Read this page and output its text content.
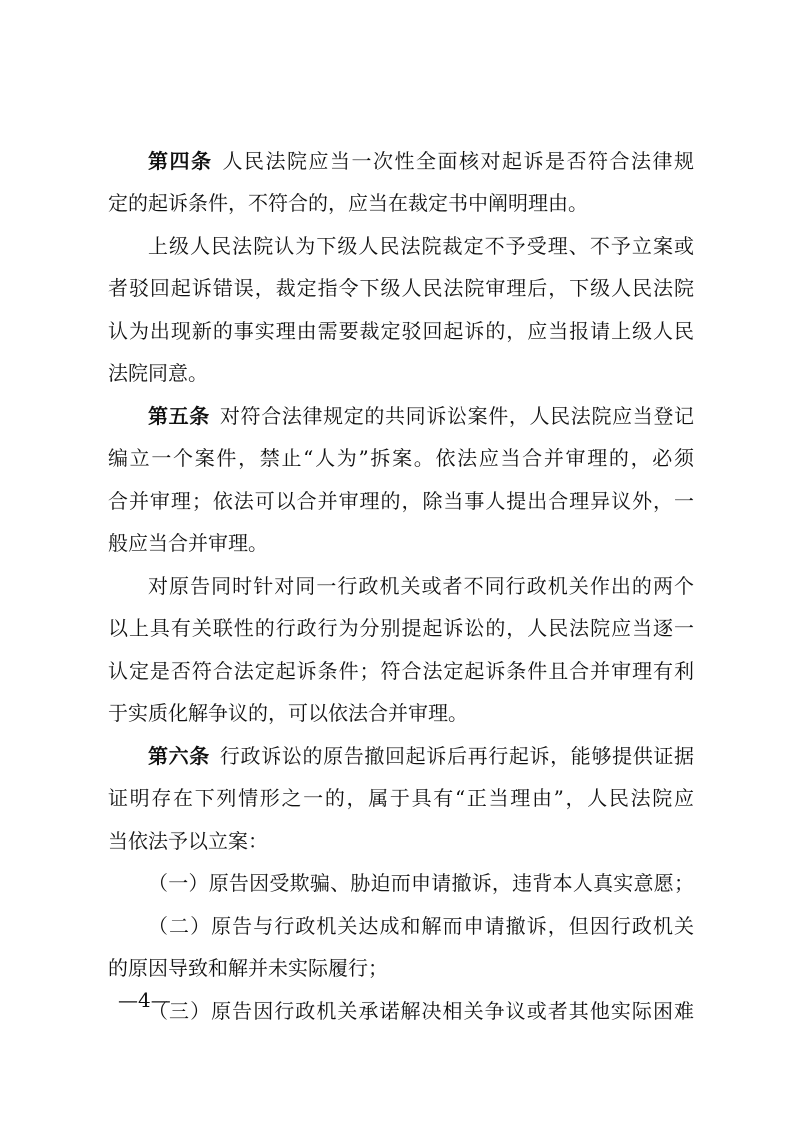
第四条 人民法院应当一次性全面核对起诉是否符合法律规
定的起诉条件，不符合的，应当在裁定书中阐明理由。
上级人民法院认为下级人民法院裁定不予受理、不予立案或
者驳回起诉错误，裁定指令下级人民法院审理后，下级人民法院
认为出现新的事实理由需要裁定驳回起诉的，应当报请上级人民
法院同意。
第五条 对符合法律规定的共同诉讼案件，人民法院应当登记
编立一个案件，禁止“人为”拆案。依法应当合并审理的，必须
合并审理；依法可以合并审理的，除当事人提出合理异议外，一
般应当合并审理。
对原告同时针对同一行政机关或者不同行政机关作出的两个
以上具有关联性的行政行为分别提起诉讼的，人民法院应当逐一
认定是否符合法定起诉条件；符合法定起诉条件且合并审理有利
于实质化解争议的，可以依法合并审理。
第六条 行政诉讼的原告撤回起诉后再行起诉，能够提供证据
证明存在下列情形之一的，属于具有“正当理由”，人民法院应
当依法予以立案：
（一）原告因受欺骗、胁迫而申请撤诉，违背本人真实意愿；
（二）原告与行政机关达成和解而申请撤诉，但因行政机关
的原因导致和解并未实际履行；
（三）原告因行政机关承诺解决相关争议或者其他实际困难
—4—
